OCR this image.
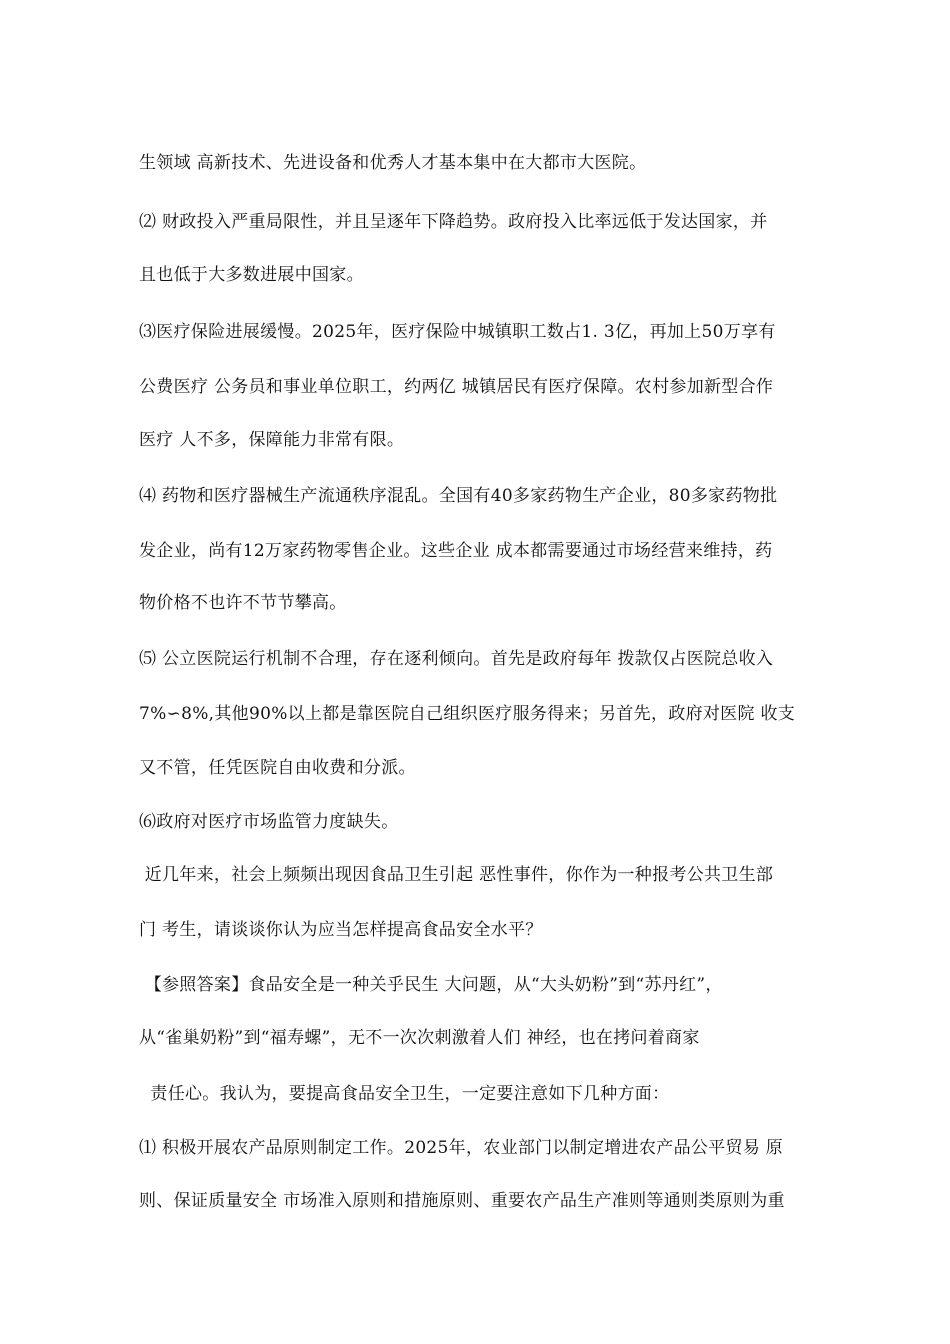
生领域 高新技术、先进设备和优秀人才基本集中在大都市大医院。
⑵ 财政投入严重局限性，并且呈逐年下降趋势。政府投入比率远低于发达国家，并
且也低于大多数进展中国家。
⑶医疗保险进展缓慢。2025年，医疗保险中城镇职工数占1. 3亿，再加上50万享有
公费医疗 公务员和事业单位职工，约两亿 城镇居民有医疗保障。农村参加新型合作
医疗 人不多，保障能力非常有限。
⑷ 药物和医疗器械生产流通秩序混乱。全国有40多家药物生产企业，80多家药物批
发企业，尚有12万家药物零售企业。这些企业 成本都需要通过市场经营来维持，药
物价格不也许不节节攀高。
⑸ 公立医院运行机制不合理，存在逐利倾向。首先是政府每年 拨款仅占医院总收入
7%∽8%,其他90%以上都是靠医院自己组织医疗服务得来；另首先，政府对医院 收支
又不管，任凭医院自由收费和分派。
⑹政府对医疗市场监管力度缺失。
近几年来，社会上频频出现因食品卫生引起 恶性事件，你作为一种报考公共卫生部
门 考生，请谈谈你认为应当怎样提高食品安全水平？
【参照答案】食品安全是一种关乎民生 大问题，从“大头奶粉”到“苏丹红”，
从“雀巢奶粉”到“福寿螺”，无不一次次刺激着人们 神经，也在拷问着商家
责任心。我认为，要提高食品安全卫生，一定要注意如下几种方面：
⑴ 积极开展农产品原则制定工作。2025年，农业部门以制定增进农产品公平贸易 原
则、保证质量安全 市场准入原则和措施原则、重要农产品生产准则等通则类原则为重
